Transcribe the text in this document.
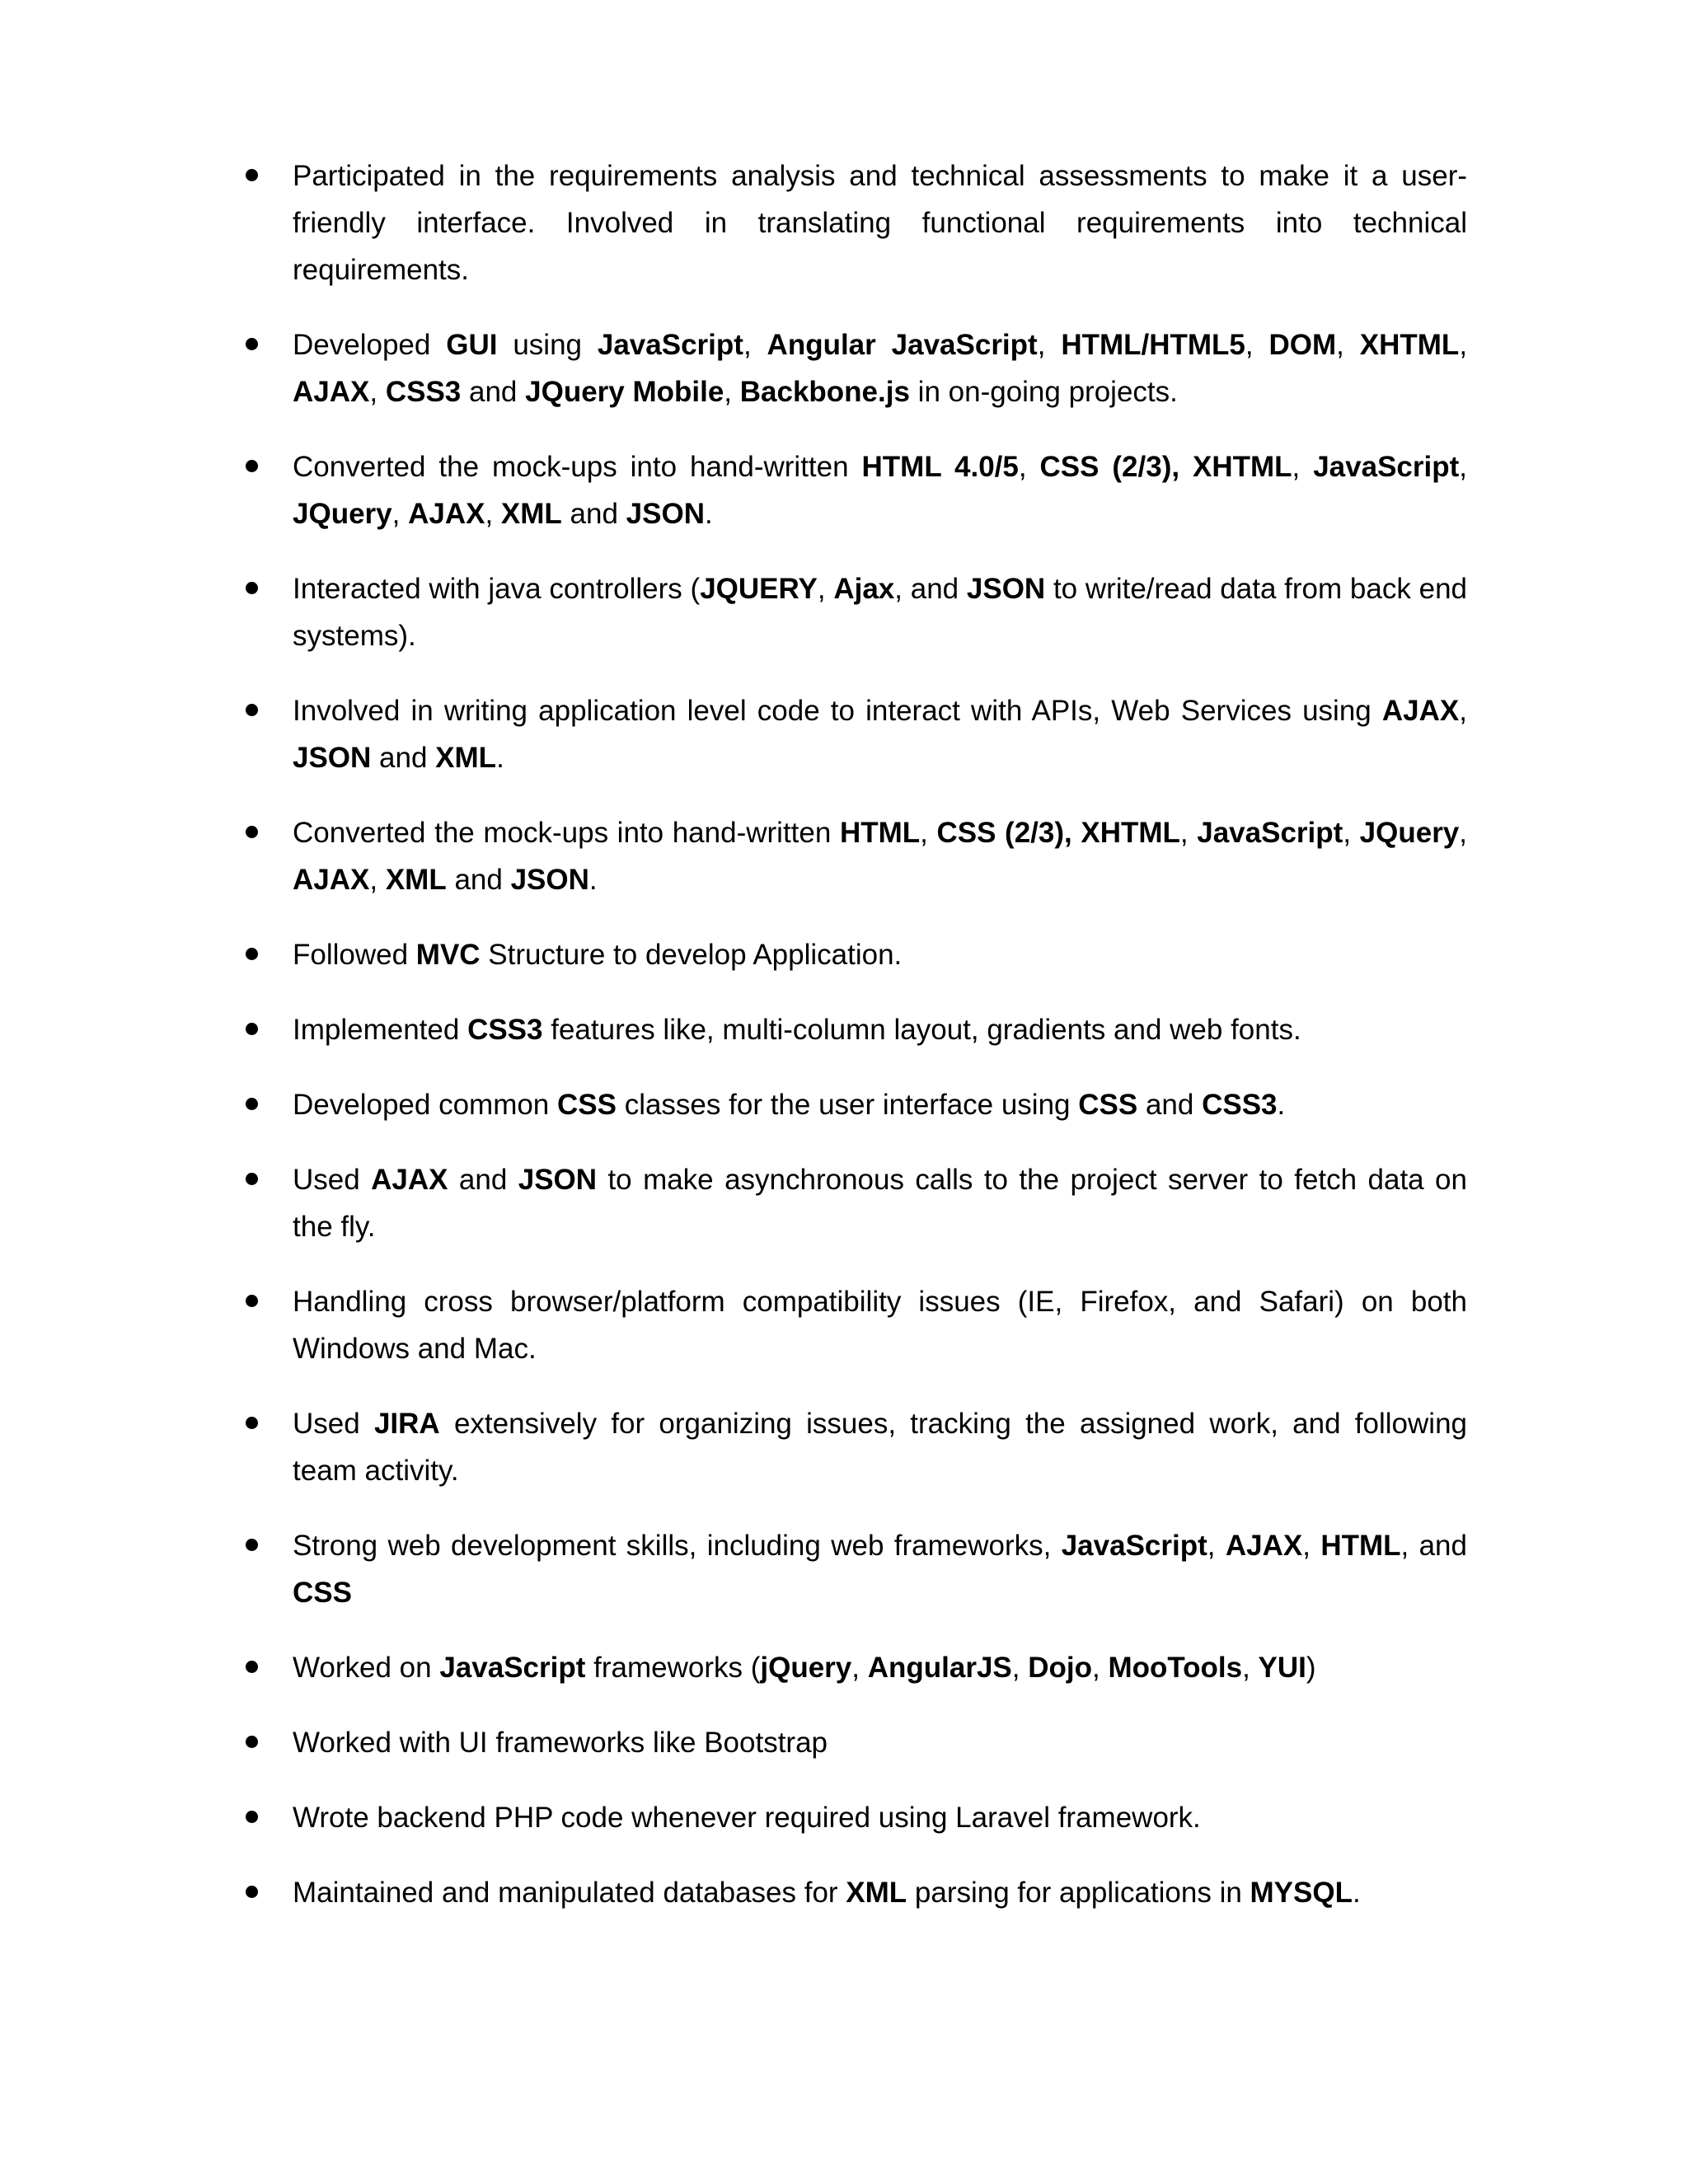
Participated in the requirements analysis and technical assessments to make it a user-friendly interface. Involved in translating functional requirements into technical requirements.
Developed GUI using JavaScript, Angular JavaScript, HTML/HTML5, DOM, XHTML, AJAX, CSS3 and JQuery Mobile, Backbone.js in on-going projects.
Converted the mock-ups into hand-written HTML 4.0/5, CSS (2/3), XHTML, JavaScript, JQuery, AJAX, XML and JSON.
Interacted with java controllers (JQUERY, Ajax, and JSON to write/read data from back end systems).
Involved in writing application level code to interact with APIs, Web Services using AJAX, JSON and XML.
Converted the mock-ups into hand-written HTML, CSS (2/3), XHTML, JavaScript, JQuery, AJAX, XML and JSON.
Followed MVC Structure to develop Application.
Implemented CSS3 features like, multi-column layout, gradients and web fonts.
Developed common CSS classes for the user interface using CSS and CSS3.
Used AJAX and JSON to make asynchronous calls to the project server to fetch data on the fly.
Handling cross browser/platform compatibility issues (IE, Firefox, and Safari) on both Windows and Mac.
Used JIRA extensively for organizing issues, tracking the assigned work, and following team activity.
Strong web development skills, including web frameworks, JavaScript, AJAX, HTML, and CSS
Worked on JavaScript frameworks (jQuery, AngularJS, Dojo, MooTools, YUI)
Worked with UI frameworks like Bootstrap
Wrote backend PHP code whenever required using Laravel framework.
Maintained and manipulated databases for XML parsing for applications in MYSQL.
